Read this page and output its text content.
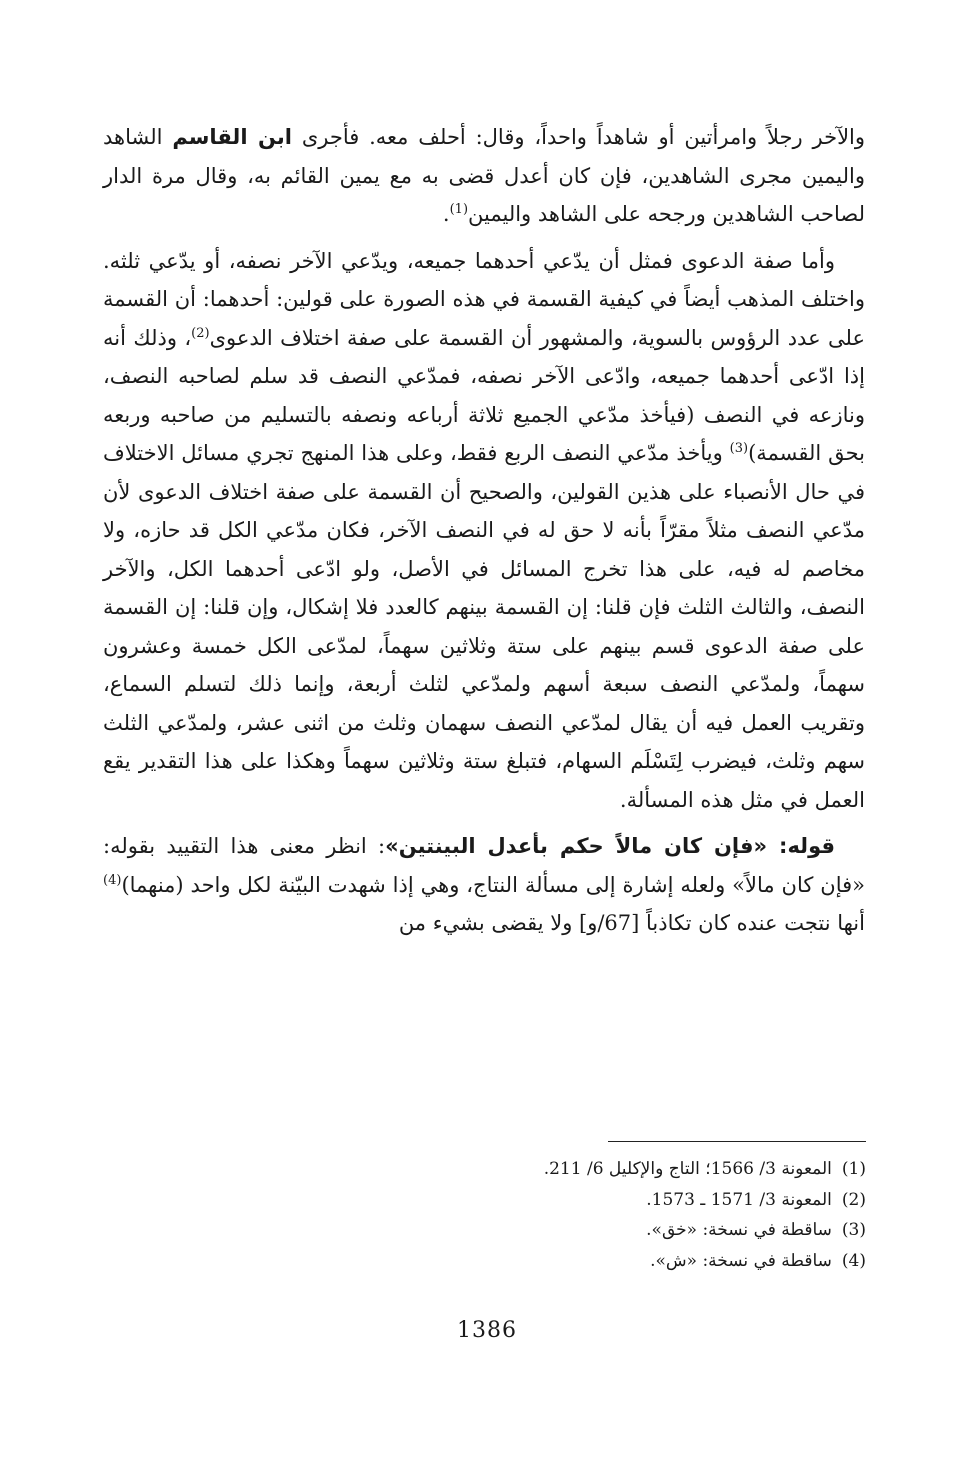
والآخر رجلاً وامرأتين أو شاهداً واحداً، وقال: أحلف معه. فأجرى ابن القاسم الشاهد واليمين مجرى الشاهدين، فإن كان أعدل قضى به مع يمين القائم به، وقال مرة الدار لصاحب الشاهدين ورجحه على الشاهد واليمين$^{(1)}$.

وأما صفة الدعوى فمثل أن يدّعي أحدهما جميعه، ويدّعي الآخر نصفه، أو يدّعي ثلثه. واختلف المذهب أيضاً في كيفية القسمة في هذه الصورة على قولين: أحدهما: أن القسمة على عدد الرؤوس بالسوية، والمشهور أن القسمة على صفة اختلاف الدعوى$^{(2)}$، وذلك أنه إذا ادّعى أحدهما جميعه، وادّعى الآخر نصفه، فمدّعي النصف قد سلم لصاحبه النصف، ونازعه في النصف (فيأخذ مدّعي الجميع ثلاثة أرباعه ونصفه بالتسليم من صاحبه وربعه بحق القسمة)$^{(3)}$ ويأخذ مدّعي النصف الربع فقط، وعلى هذا المنهج تجري مسائل الاختلاف في حال الأنصباء على هذين القولين، والصحيح أن القسمة على صفة اختلاف الدعوى لأن مدّعي النصف مثلاً مقرّاً بأنه لا حق له في النصف الآخر، فكان مدّعي الكل قد حازه، ولا مخاصم له فيه، على هذا تخرج المسائل في الأصل، ولو ادّعى أحدهما الكل، والآخر النصف، والثالث الثلث فإن قلنا: إن القسمة بينهم كالعدد فلا إشكال، وإن قلنا: إن القسمة على صفة الدعوى قسم بينهم على ستة وثلاثين سهماً، لمدّعى الكل خمسة وعشرون سهماً، ولمدّعي النصف سبعة أسهم ولمدّعي لثلث أربعة، وإنما ذلك لتسلم السماع، وتقريب العمل فيه أن يقال لمدّعي النصف سهمان وثلث من اثنى عشر، ولمدّعي الثلث سهم وثلث، فيضرب لِتَسْلَم السهام، فتبلغ ستة وثلاثين سهماً وهكذا على هذا التقدير يقع العمل في مثل هذه المسألة.

قوله: «فإن كان مالاً حكم بأعدل البينتين»: انظر معنى هذا التقييد بقوله: «فإن كان مالاً» ولعله إشارة إلى مسألة النتاج، وهي إذا شهدت البيّنة لكل واحد (منهما)$^{(4)}$ أنها نتجت عنده كان تكاذباً [67/و] ولا يقضى بشيء من

(1)المعونة 3/ 1566؛ التاج والإكليل 6/ 211.
(2)المعونة 3/ 1571 ـ 1573.
(3)ساقطة في نسخة: «خق».
(4)ساقطة في نسخة: «ش».
1386
